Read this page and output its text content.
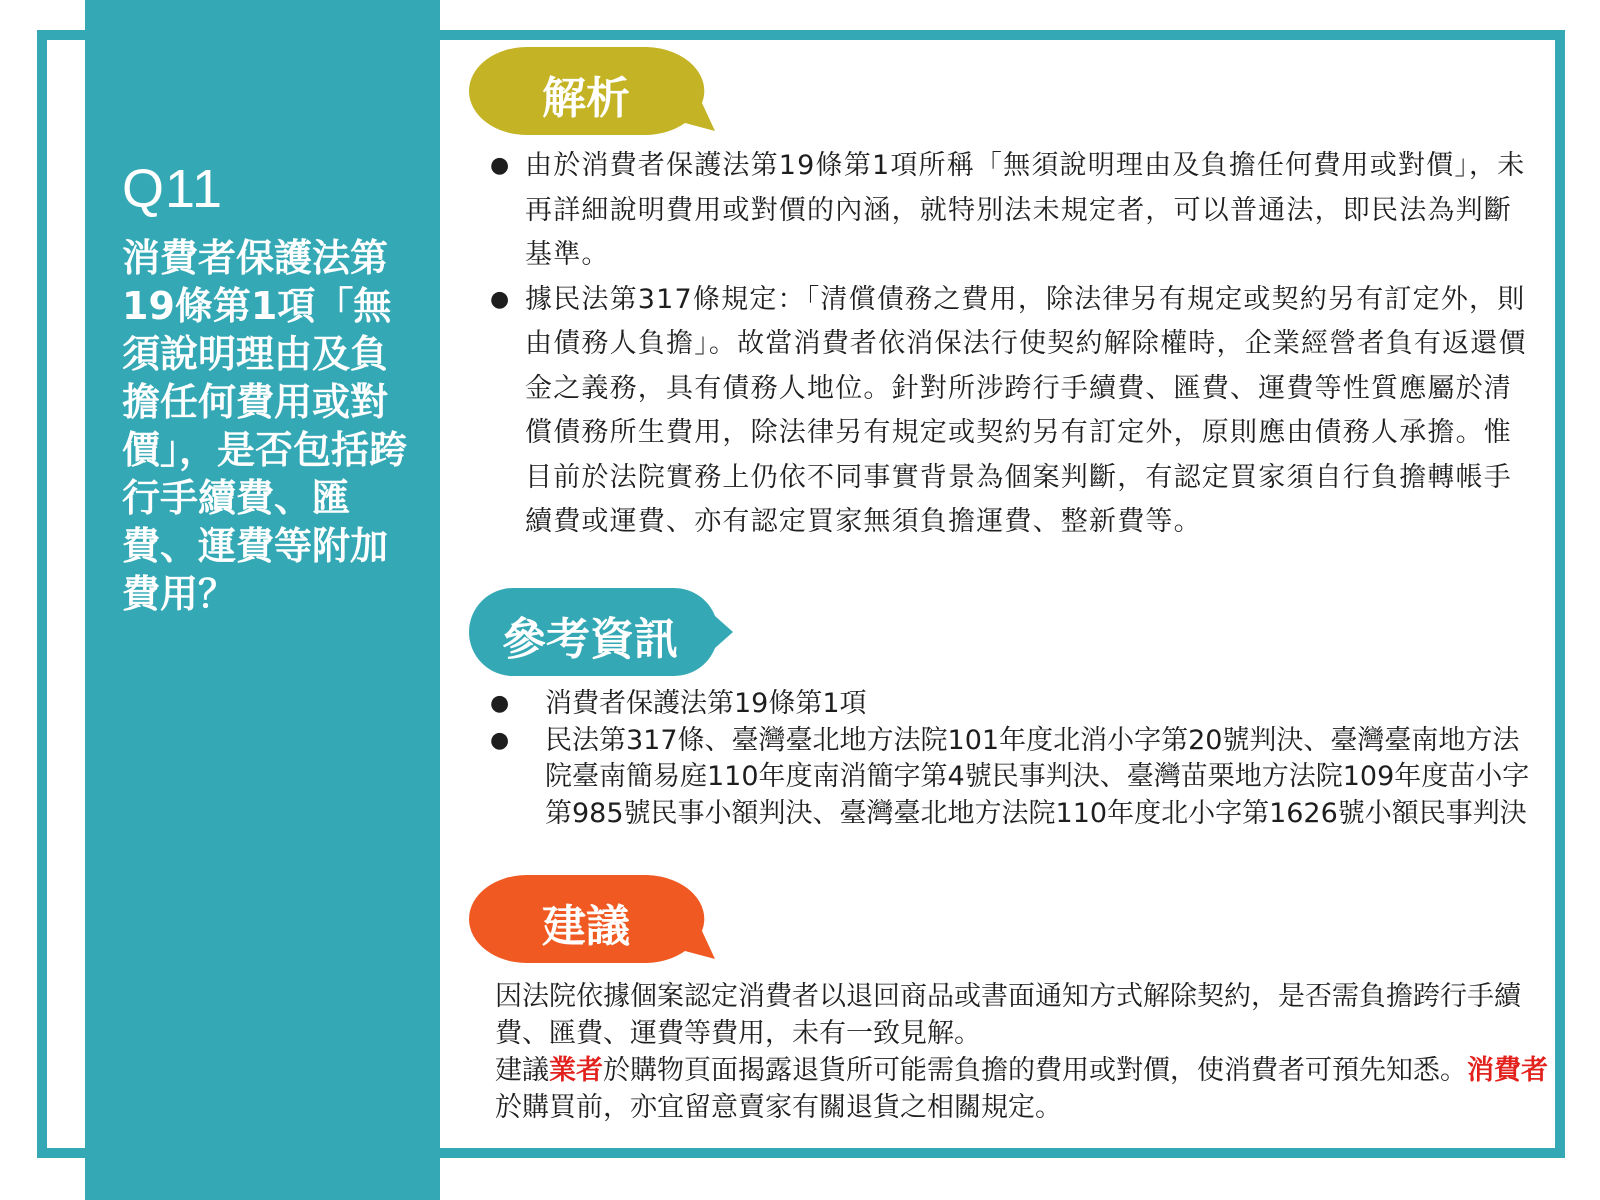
Q11
消費者保護法第19條第1項「無須說明理由及負擔任何費用或對價」，是否包括跨行手續費、匯費、運費等附加費用？
解析
● 由於消費者保護法第19條第1項所稱「無須說明理由及負擔任何費用或對價」，未再詳細說明費用或對價的內涵，就特別法未規定者，可以普通法，即民法為判斷基準。
● 據民法第317條規定：「清償債務之費用，除法律另有規定或契約另有訂定外，則由債務人負擔」。故當消費者依消保法行使契約解除權時，企業經營者負有返還價金之義務，具有債務人地位。針對所涉跨行手續費、匯費、運費等性質應屬於清償債務所生費用，除法律另有規定或契約另有訂定外，原則應由債務人承擔。惟目前於法院實務上仍依不同事實背景為個案判斷，有認定買家須自行負擔轉帳手續費或運費、亦有認定買家無須負擔運費、整新費等。
參考資訊
● 消費者保護法第19條第1項
● 民法第317條、臺灣臺北地方法院101年度北消小字第20號判決、臺灣臺南地方法院臺南簡易庭110年度南消簡字第4號民事判決、臺灣苗栗地方法院109年度苗小字第985號民事小額判決、臺灣臺北地方法院110年度北小字第1626號小額民事判決
建議
因法院依據個案認定消費者以退回商品或書面通知方式解除契約，是否需負擔跨行手續費、匯費、運費等費用，未有一致見解。
建議業者於購物頁面揭露退貨所可能需負擔的費用或對價，使消費者可預先知悉。消費者於購買前，亦宜留意賣家有關退貨之相關規定。
